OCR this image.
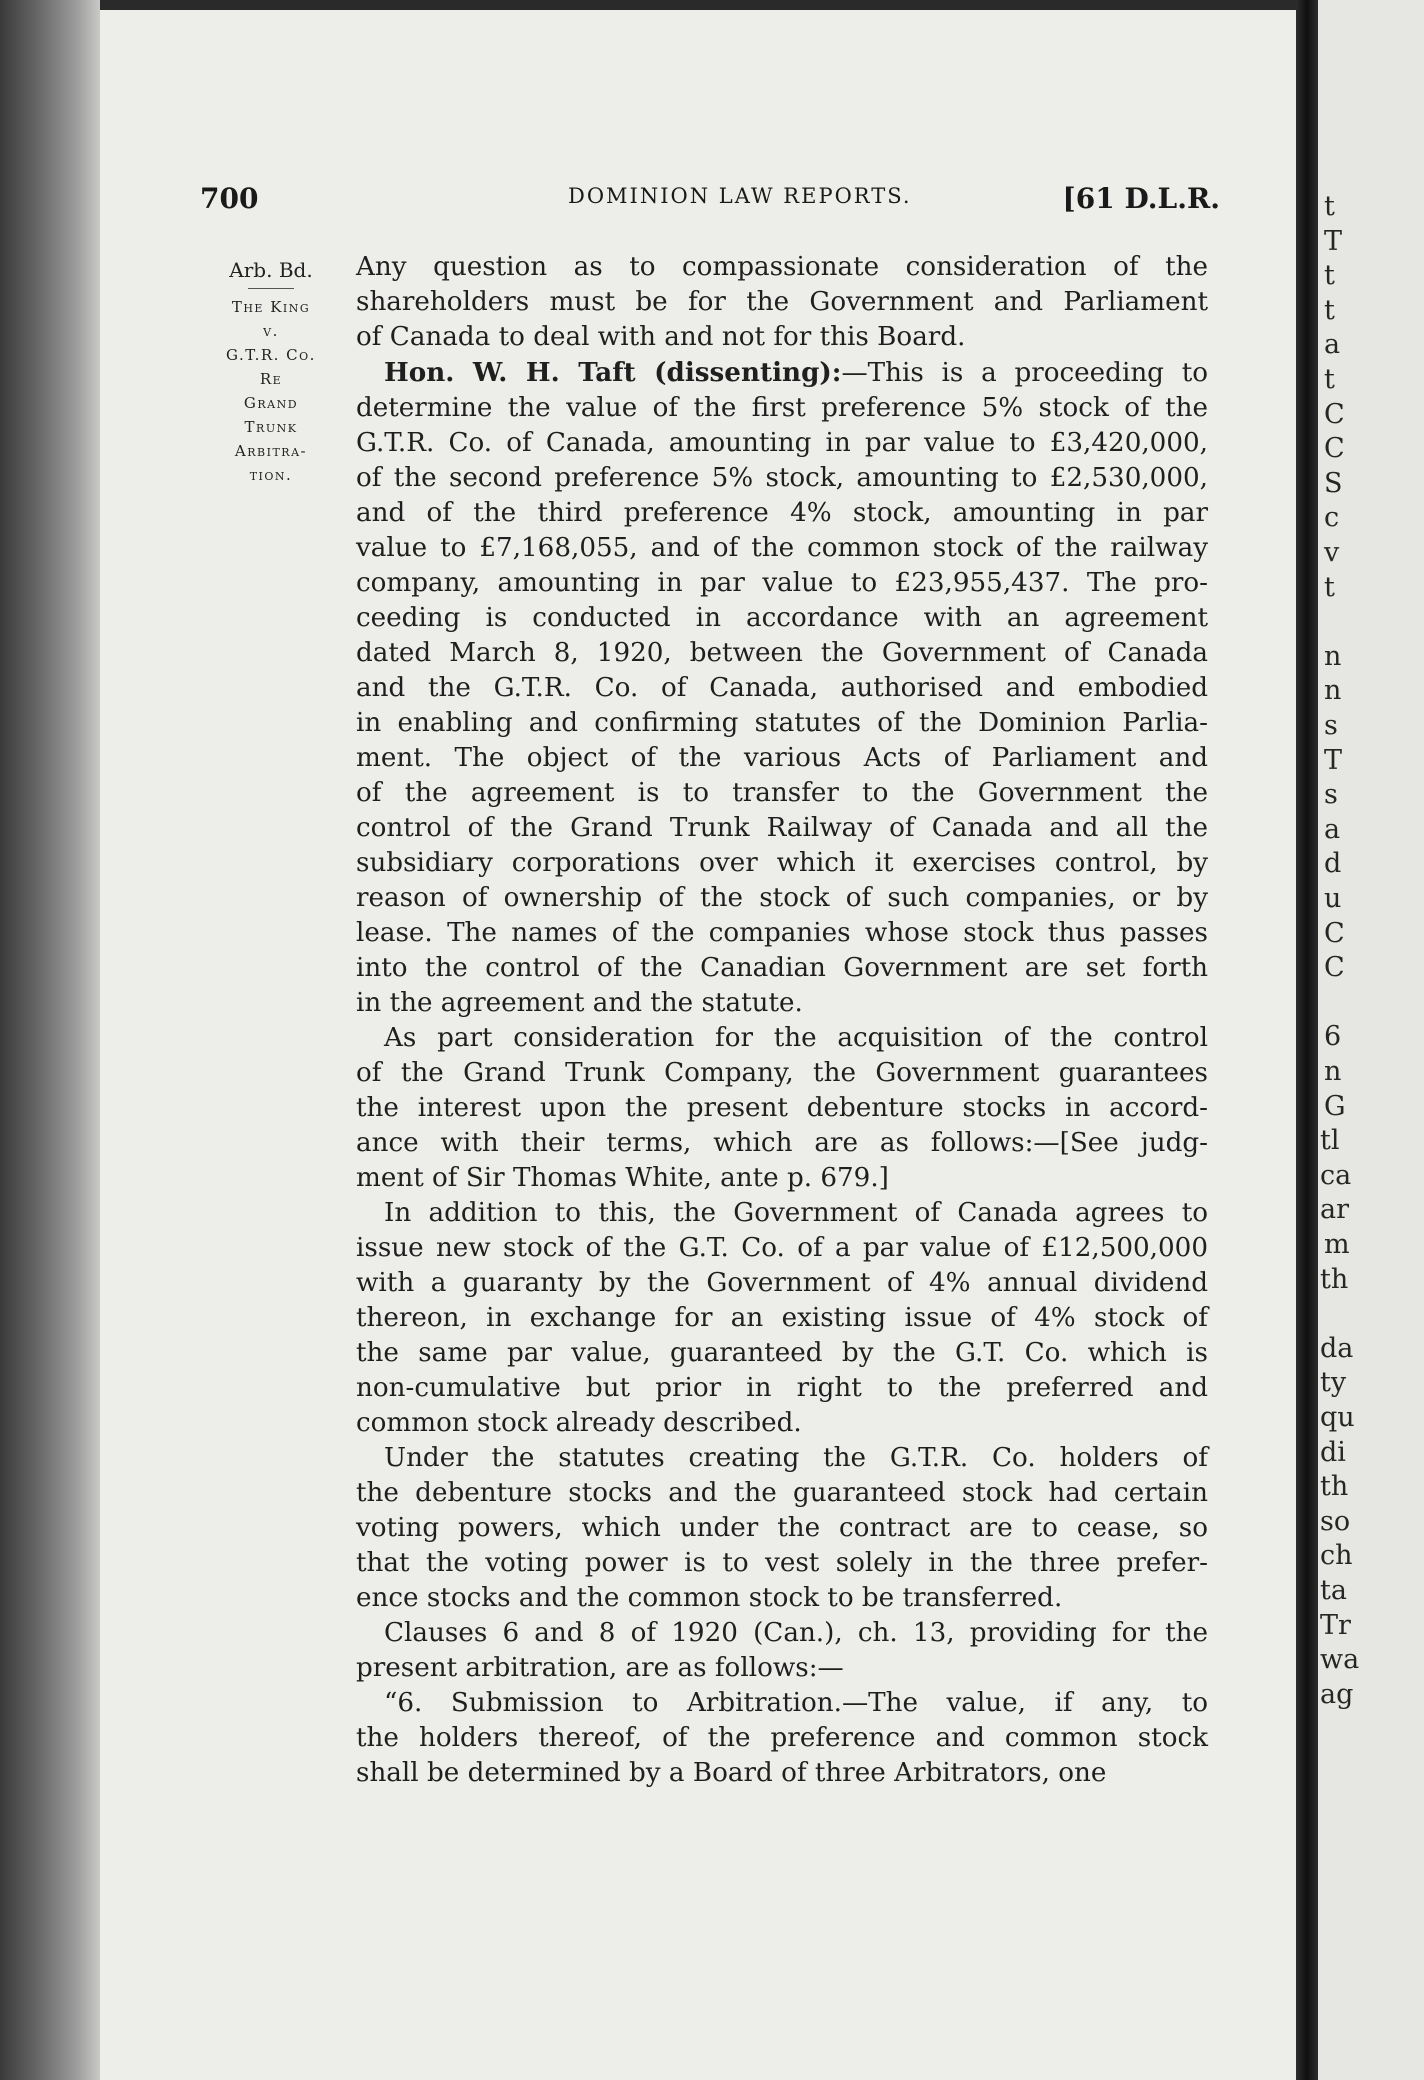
t
T
t
t
a
t
C
C
S
c
v
t
n
n
s
T
s
a
d
u
C
C
6
n
G
tl
ca
ar
m
th
da
ty
qu
di
th
so
ch
ta
Tr
wa
ag
700	DOMINION LAW REPORTS.	[61 D.L.R.
Arb. Bd.
The King
v.
G.T.R. Co.
Re
Grand
Trunk
Arbitra-
tion.

Any question as to compassionate consideration of the
shareholders must be for the Government and Parliament
of Canada to deal with and not for this Board.

Hon. W. H. Taft (dissenting):—This is a proceeding to
determine the value of the first preference 5% stock of the
G.T.R. Co. of Canada, amounting in par value to £3,420,000,
of the second preference 5% stock, amounting to £2,530,000,
and of the third preference 4% stock, amounting in par
value to £7,168,055, and of the common stock of the railway
company, amounting in par value to £23,955,437. The pro-
ceeding is conducted in accordance with an agreement
dated March 8, 1920, between the Government of Canada
and the G.T.R. Co. of Canada, authorised and embodied
in enabling and confirming statutes of the Dominion Parlia-
ment. The object of the various Acts of Parliament and
of the agreement is to transfer to the Government the
control of the Grand Trunk Railway of Canada and all the
subsidiary corporations over which it exercises control, by
reason of ownership of the stock of such companies, or by
lease. The names of the companies whose stock thus passes
into the control of the Canadian Government are set forth
in the agreement and the statute.

As part consideration for the acquisition of the control
of the Grand Trunk Company, the Government guarantees
the interest upon the present debenture stocks in accord-
ance with their terms, which are as follows:—[See judg-
ment of Sir Thomas White, ante p. 679.]

In addition to this, the Government of Canada agrees to
issue new stock of the G.T. Co. of a par value of £12,500,000
with a guaranty by the Government of 4% annual dividend
thereon, in exchange for an existing issue of 4% stock of
the same par value, guaranteed by the G.T. Co. which is
non-cumulative but prior in right to the preferred and
common stock already described.

Under the statutes creating the G.T.R. Co. holders of
the debenture stocks and the guaranteed stock had certain
voting powers, which under the contract are to cease, so
that the voting power is to vest solely in the three prefer-
ence stocks and the common stock to be transferred.

Clauses 6 and 8 of 1920 (Can.), ch. 13, providing for the
present arbitration, are as follows:—

“6. Submission to Arbitration.—The value, if any, to
the holders thereof, of the preference and common stock
shall be determined by a Board of three Arbitrators, one
